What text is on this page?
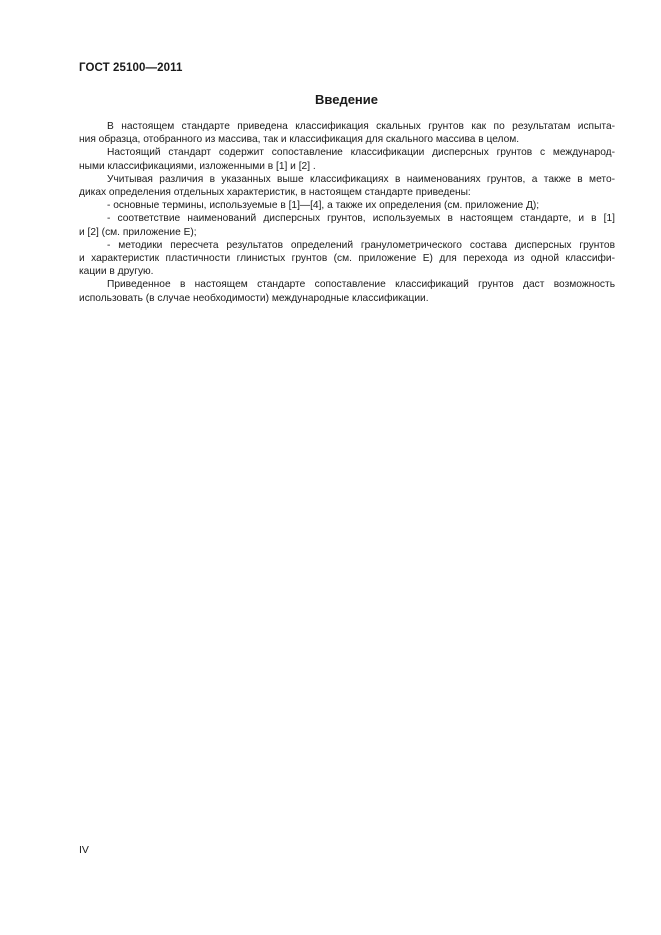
ГОСТ 25100—2011
Введение
В настоящем стандарте приведена классификация скальных грунтов как по результатам испыта-
ния образца, отобранного из массива, так и классификация для скального массива в целом.
Настоящий стандарт содержит сопоставление классификации дисперсных грунтов с международ-
ными классификациями, изложенными в [1] и [2] .
Учитывая различия в указанных выше классификациях в наименованиях грунтов, а также в мето-
диках определения отдельных характеристик, в настоящем стандарте приведены:
- основные термины, используемые в [1]—[4], а также их определения (см. приложение Д);
- соответствие наименований дисперсных грунтов, используемых в настоящем стандарте, и в [1]
и [2] (см. приложение Е);
- методики пересчета результатов определений гранулометрического состава дисперсных грунтов
и характеристик пластичности глинистых грунтов (см. приложение Е) для перехода из одной классифи-
кации в другую.
Приведенное в настоящем стандарте сопоставление классификаций грунтов даст возможность
использовать (в случае необходимости) международные классификации.
IV
